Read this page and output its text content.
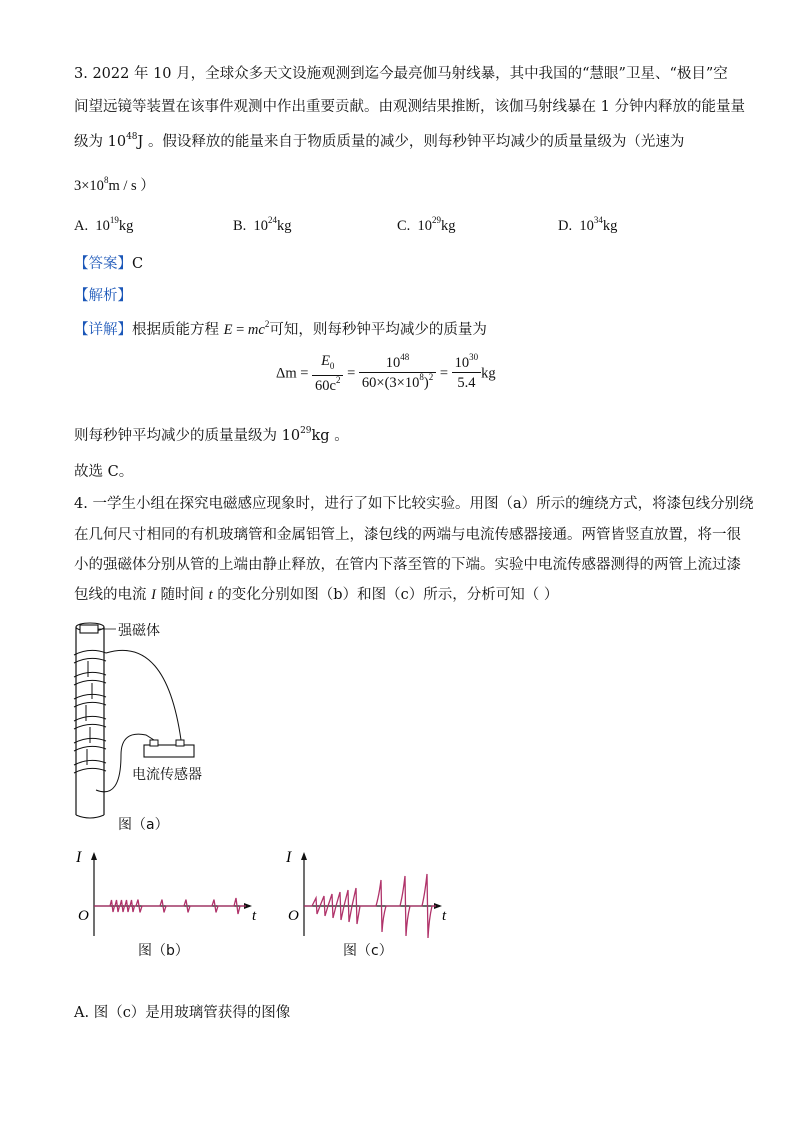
3. 2022 年 10 月，全球众多天文设施观测到迄今最亮伽马射线暴，其中我国的“慧眼”卫星、“极目”空
间望远镜等装置在该事件观测中作出重要贡献。由观测结果推断，该伽马射线暴在 1 分钟内释放的能量量
级为 $10^{48}J$ 。假设释放的能量来自于物质质量的减少，则每秒钟平均减少的质量量级为（光速为
$3\times 10^8m / s$ ）
A. $10^{19}kg$	B. $10^{24}kg$	C. $10^{29}kg$	D. $10^{34}kg$
【答案】C
【解析】
【详解】根据质能方程 $E = mc^2$可知，则每秒钟平均减少的质量为
$\Delta m = \frac{E_0}{60c^2} = \frac{10^{48}}{60\times(3\times 10^8)^2} = \frac{10^{30}}{5.4}$ kg
则每秒钟平均减少的质量量级为 $10^{29}kg$ 。
故选 C。
4. 一学生小组在探究电磁感应现象时，进行了如下比较实验。用图（a）所示的缠绕方式，将漆包线分别绕
在几何尺寸相同的有机玻璃管和金属铝管上，漆包线的两端与电流传感器接通。两管皆竖直放置，将一很
小的强磁体分别从管的上端由静止释放，在管内下落至管的下端。实验中电流传感器测得的两管上流过漆
包线的电流 I 随时间 t 的变化分别如图（b）和图（c）所示，分析可知（ ）
强磁体
电流传感器
图（a）
I
t
O
图（b）
I
t
O
图（c）
A. 图（c）是用玻璃管获得的图像
